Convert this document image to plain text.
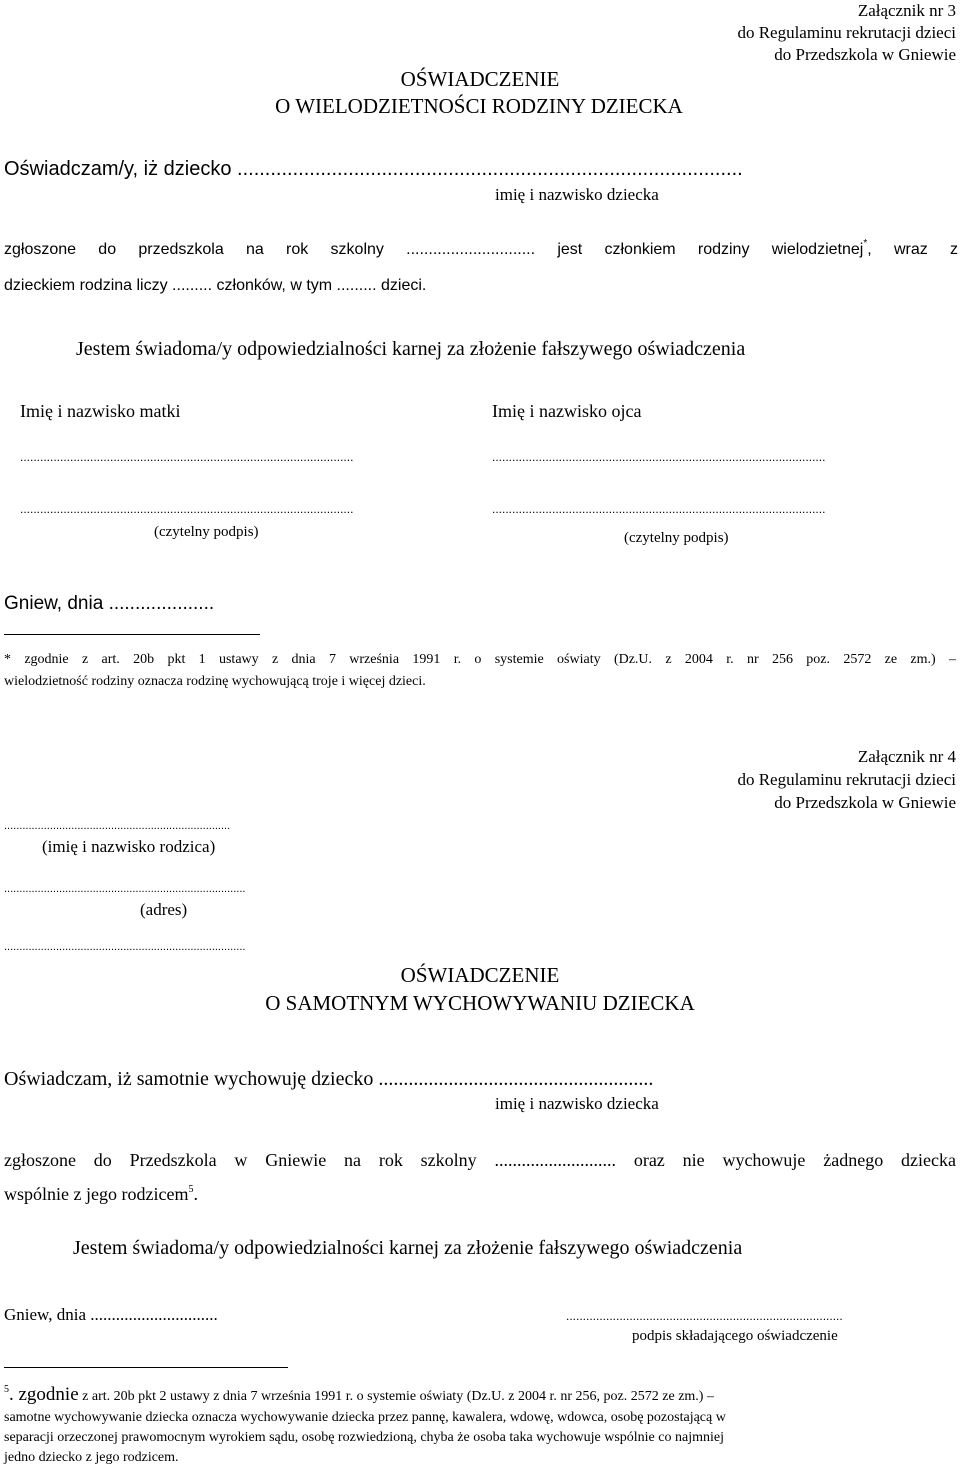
Załącznik nr 3
do Regulaminu rekrutacji dzieci
do Przedszkola w Gniewie
OŚWIADCZENIE
O WIELODZIETNOŚCI RODZINY DZIECKA
Oświadczam/y, iż dziecko ...........................................................................................
imię i nazwisko dziecka
zgłoszone do przedszkola na rok szkolny ............................. jest członkiem rodziny wielodzietnej*, wraz z
dzieckiem rodzina liczy ......... członków, w tym ......... dzieci.
Jestem świadoma/y odpowiedzialności karnej za złożenie fałszywego oświadczenia
Imię i nazwisko matki	Imię i nazwisko ojca
....................................................................................................	....................................................................................................
....................................................................................................	....................................................................................................
(czytelny podpis)	(czytelny podpis)
Gniew, dnia ....................
* zgodnie z art. 20b pkt 1 ustawy z dnia 7 września 1991 r. o systemie oświaty (Dz.U. z 2004 r. nr 256 poz. 2572 ze zm.) –
wielodzietność rodziny oznacza rodzinę wychowującą troje i więcej dzieci.
Załącznik nr 4
do Regulaminu rekrutacji dzieci
do Przedszkola w Gniewie
..........................................................................
(imię i nazwisko rodzica)
...............................................................................
(adres)
...............................................................................
OŚWIADCZENIE
O SAMOTNYM WYCHOWYWANIU DZIECKA
Oświadczam, iż samotnie wychowuję dziecko .......................................................
imię i nazwisko dziecka
zgłoszone do Przedszkola w Gniewie na rok szkolny ........................... oraz nie wychowuje żadnego dziecka
wspólnie z jego rodzicem$^5$.
Jestem świadoma/y odpowiedzialności karnej za złożenie fałszywego oświadczenia
Gniew, dnia ..............................	...................................................................................
podpis składającego oświadczenie
$^5$. zgodnie z art. 20b pkt 2 ustawy z dnia 7 września 1991 r. o systemie oświaty (Dz.U. z 2004 r. nr 256, poz. 2572 ze zm.) –
samotne wychowywanie dziecka oznacza wychowywanie dziecka przez pannę, kawalera, wdowę, wdowca, osobę pozostającą w
separacji orzeczonej prawomocnym wyrokiem sądu, osobę rozwiedzioną, chyba że osoba taka wychowuje wspólnie co najmniej
jedno dziecko z jego rodzicem.
